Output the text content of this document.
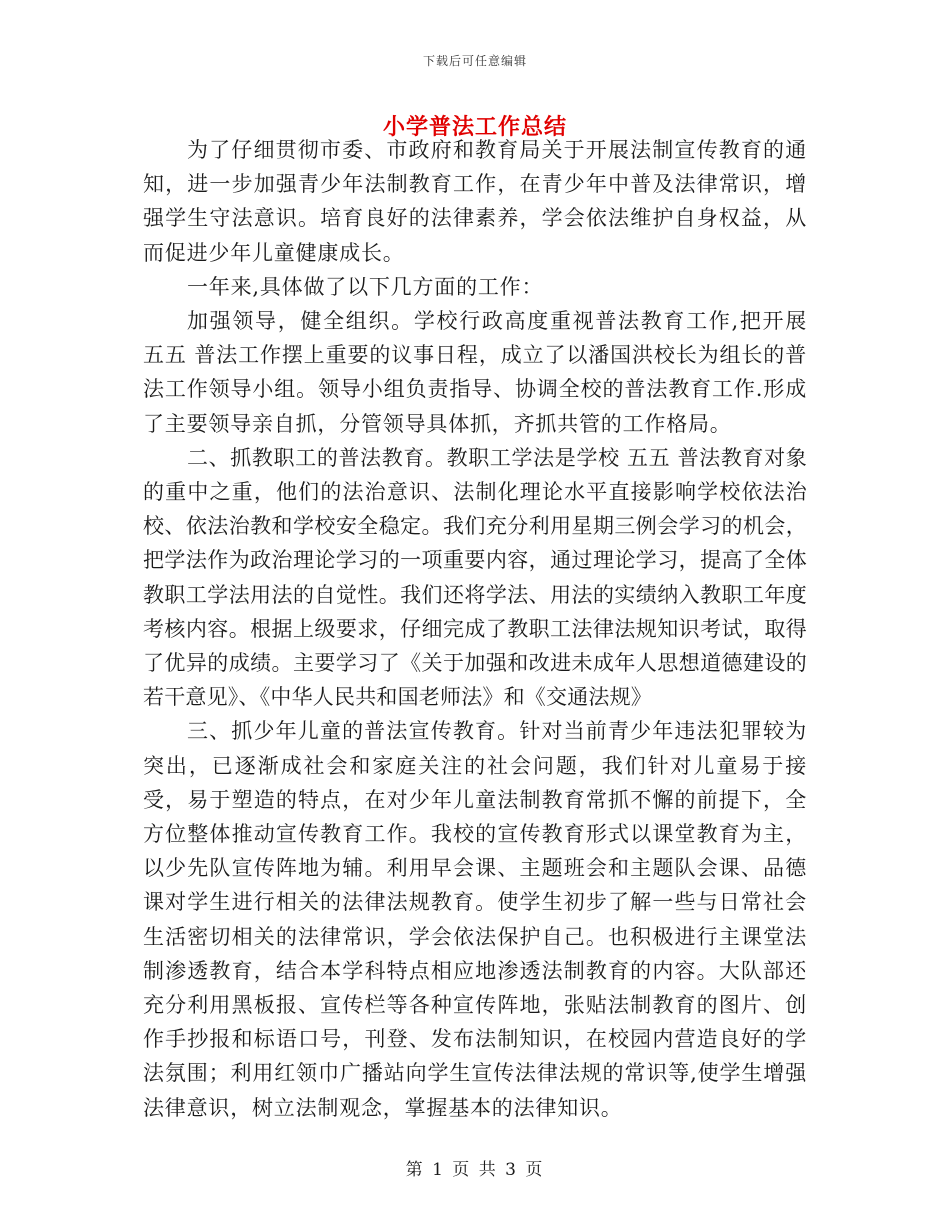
下载后可任意编辑
小学普法工作总结

为了仔细贯彻市委、市政府和教育局关于开展法制宣传教育的通知，进一步加强青少年法制教育工作，在青少年中普及法律常识，增强学生守法意识。培育良好的法律素养，学会依法维护自身权益，从而促进少年儿童健康成长。

一年来,具体做了以下几方面的工作：

加强领导，健全组织。学校行政高度重视普法教育工作,把开展 五五 普法工作摆上重要的议事日程，成立了以潘国洪校长为组长的普法工作领导小组。领导小组负责指导、协调全校的普法教育工作.形成了主要领导亲自抓，分管领导具体抓，齐抓共管的工作格局。

二、抓教职工的普法教育。教职工学法是学校 五五 普法教育对象的重中之重，他们的法治意识、法制化理论水平直接影响学校依法治校、依法治教和学校安全稳定。我们充分利用星期三例会学习的机会，把学法作为政治理论学习的一项重要内容，通过理论学习，提高了全体教职工学法用法的自觉性。我们还将学法、用法的实绩纳入教职工年度考核内容。根据上级要求，仔细完成了教职工法律法规知识考试，取得了优异的成绩。主要学习了《关于加强和改进未成年人思想道德建设的若干意见》、《中华人民共和国老师法》和《交通法规》

三、抓少年儿童的普法宣传教育。针对当前青少年违法犯罪较为突出，已逐渐成社会和家庭关注的社会问题，我们针对儿童易于接受，易于塑造的特点，在对少年儿童法制教育常抓不懈的前提下，全方位整体推动宣传教育工作。我校的宣传教育形式以课堂教育为主，以少先队宣传阵地为辅。利用早会课、主题班会和主题队会课、品德课对学生进行相关的法律法规教育。使学生初步了解一些与日常社会生活密切相关的法律常识，学会依法保护自己。也积极进行主课堂法制渗透教育，结合本学科特点相应地渗透法制教育的内容。大队部还充分利用黑板报、宣传栏等各种宣传阵地，张贴法制教育的图片、创作手抄报和标语口号，刊登、发布法制知识，在校园内营造良好的学法氛围；利用红领巾广播站向学生宣传法律法规的常识等,使学生增强法律意识，树立法制观念，掌握基本的法律知识。

第 1 页 共 3 页
